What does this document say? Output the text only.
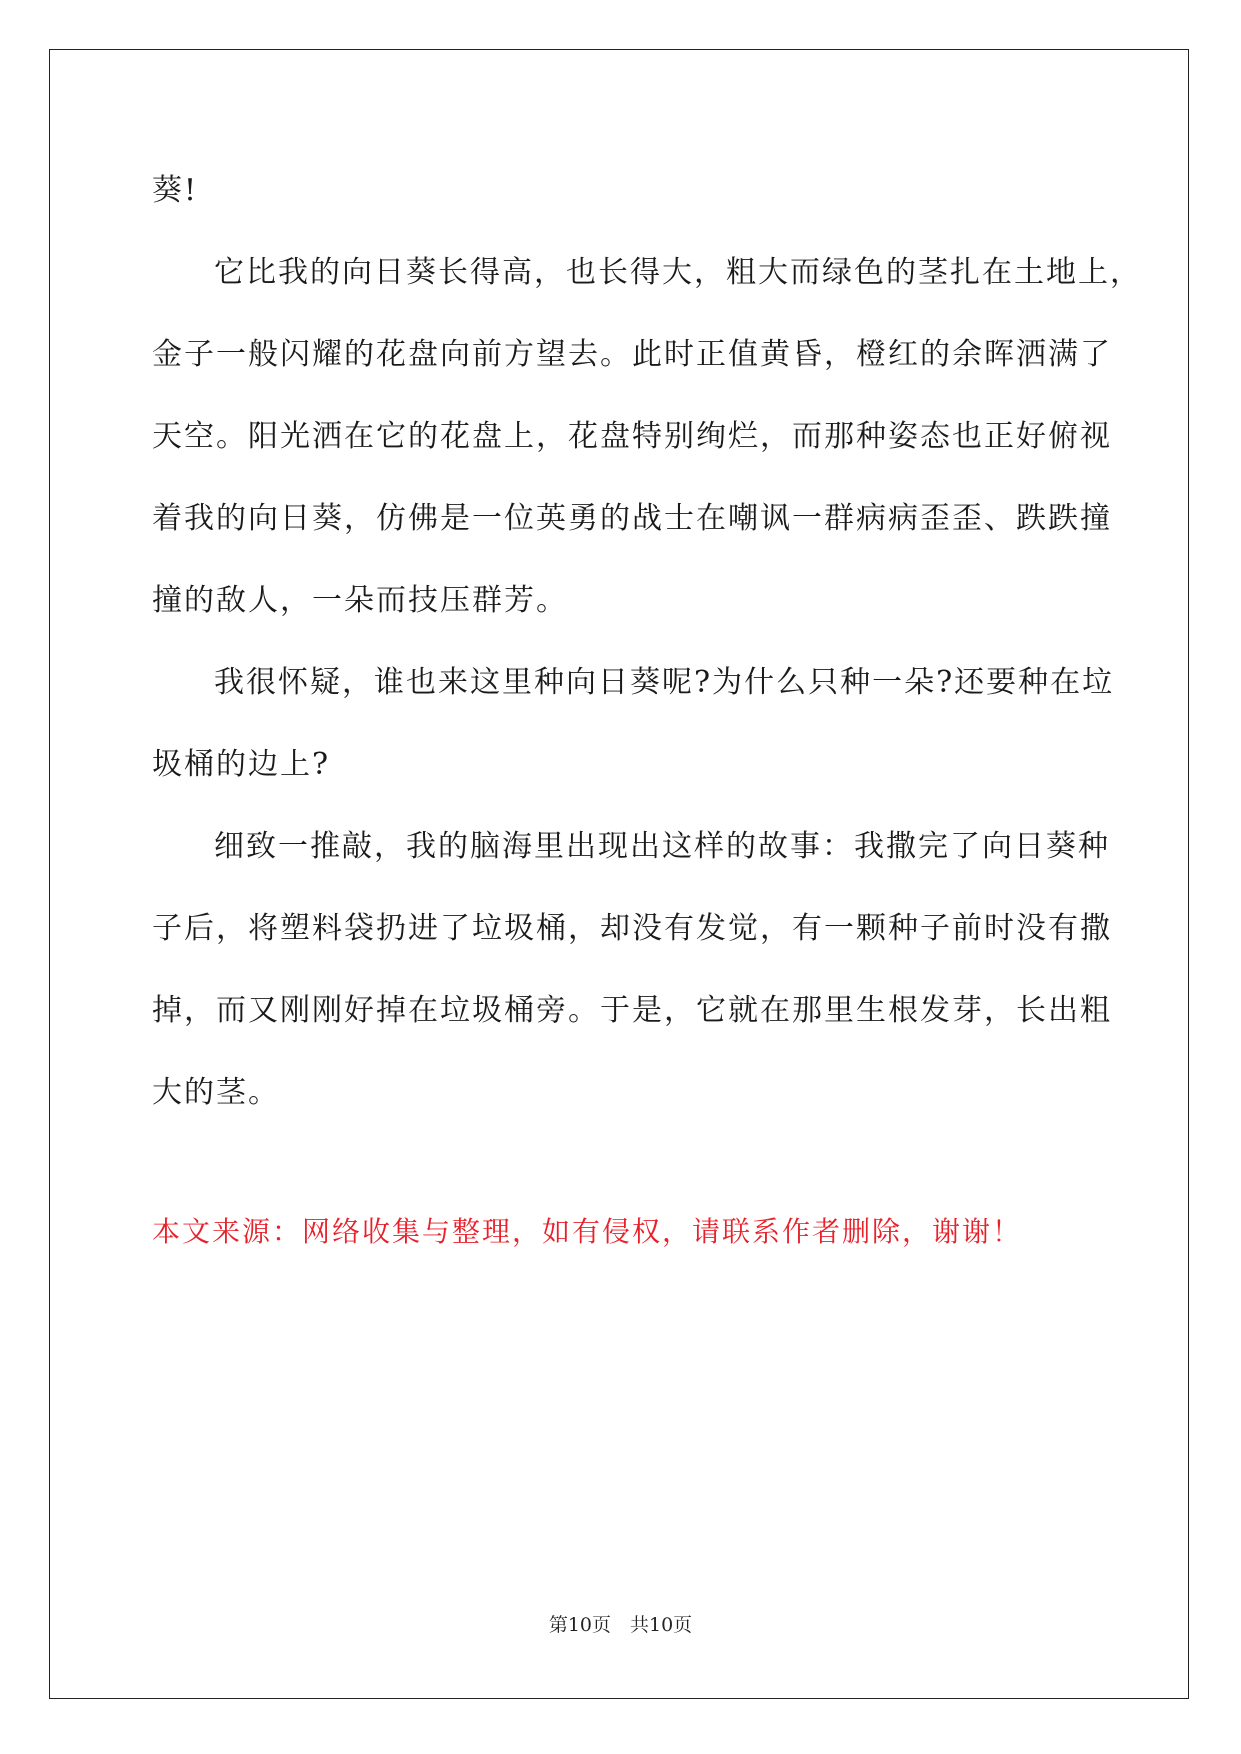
葵!
它比我的向日葵长得高，也长得大，粗大而绿色的茎扎在土地上，
金子一般闪耀的花盘向前方望去。此时正值黄昏，橙红的余晖洒满了
天空。阳光洒在它的花盘上，花盘特别绚烂，而那种姿态也正好俯视
着我的向日葵，仿佛是一位英勇的战士在嘲讽一群病病歪歪、跌跌撞
撞的敌人，一朵而技压群芳。
我很怀疑，谁也来这里种向日葵呢?为什么只种一朵?还要种在垃
圾桶的边上?
细致一推敲，我的脑海里出现出这样的故事：我撒完了向日葵种
子后，将塑料袋扔进了垃圾桶，却没有发觉，有一颗种子前时没有撒
掉，而又刚刚好掉在垃圾桶旁。于是，它就在那里生根发芽，长出粗
大的茎。
本文来源：网络收集与整理，如有侵权，请联系作者删除，谢谢！
第10页　共10页
